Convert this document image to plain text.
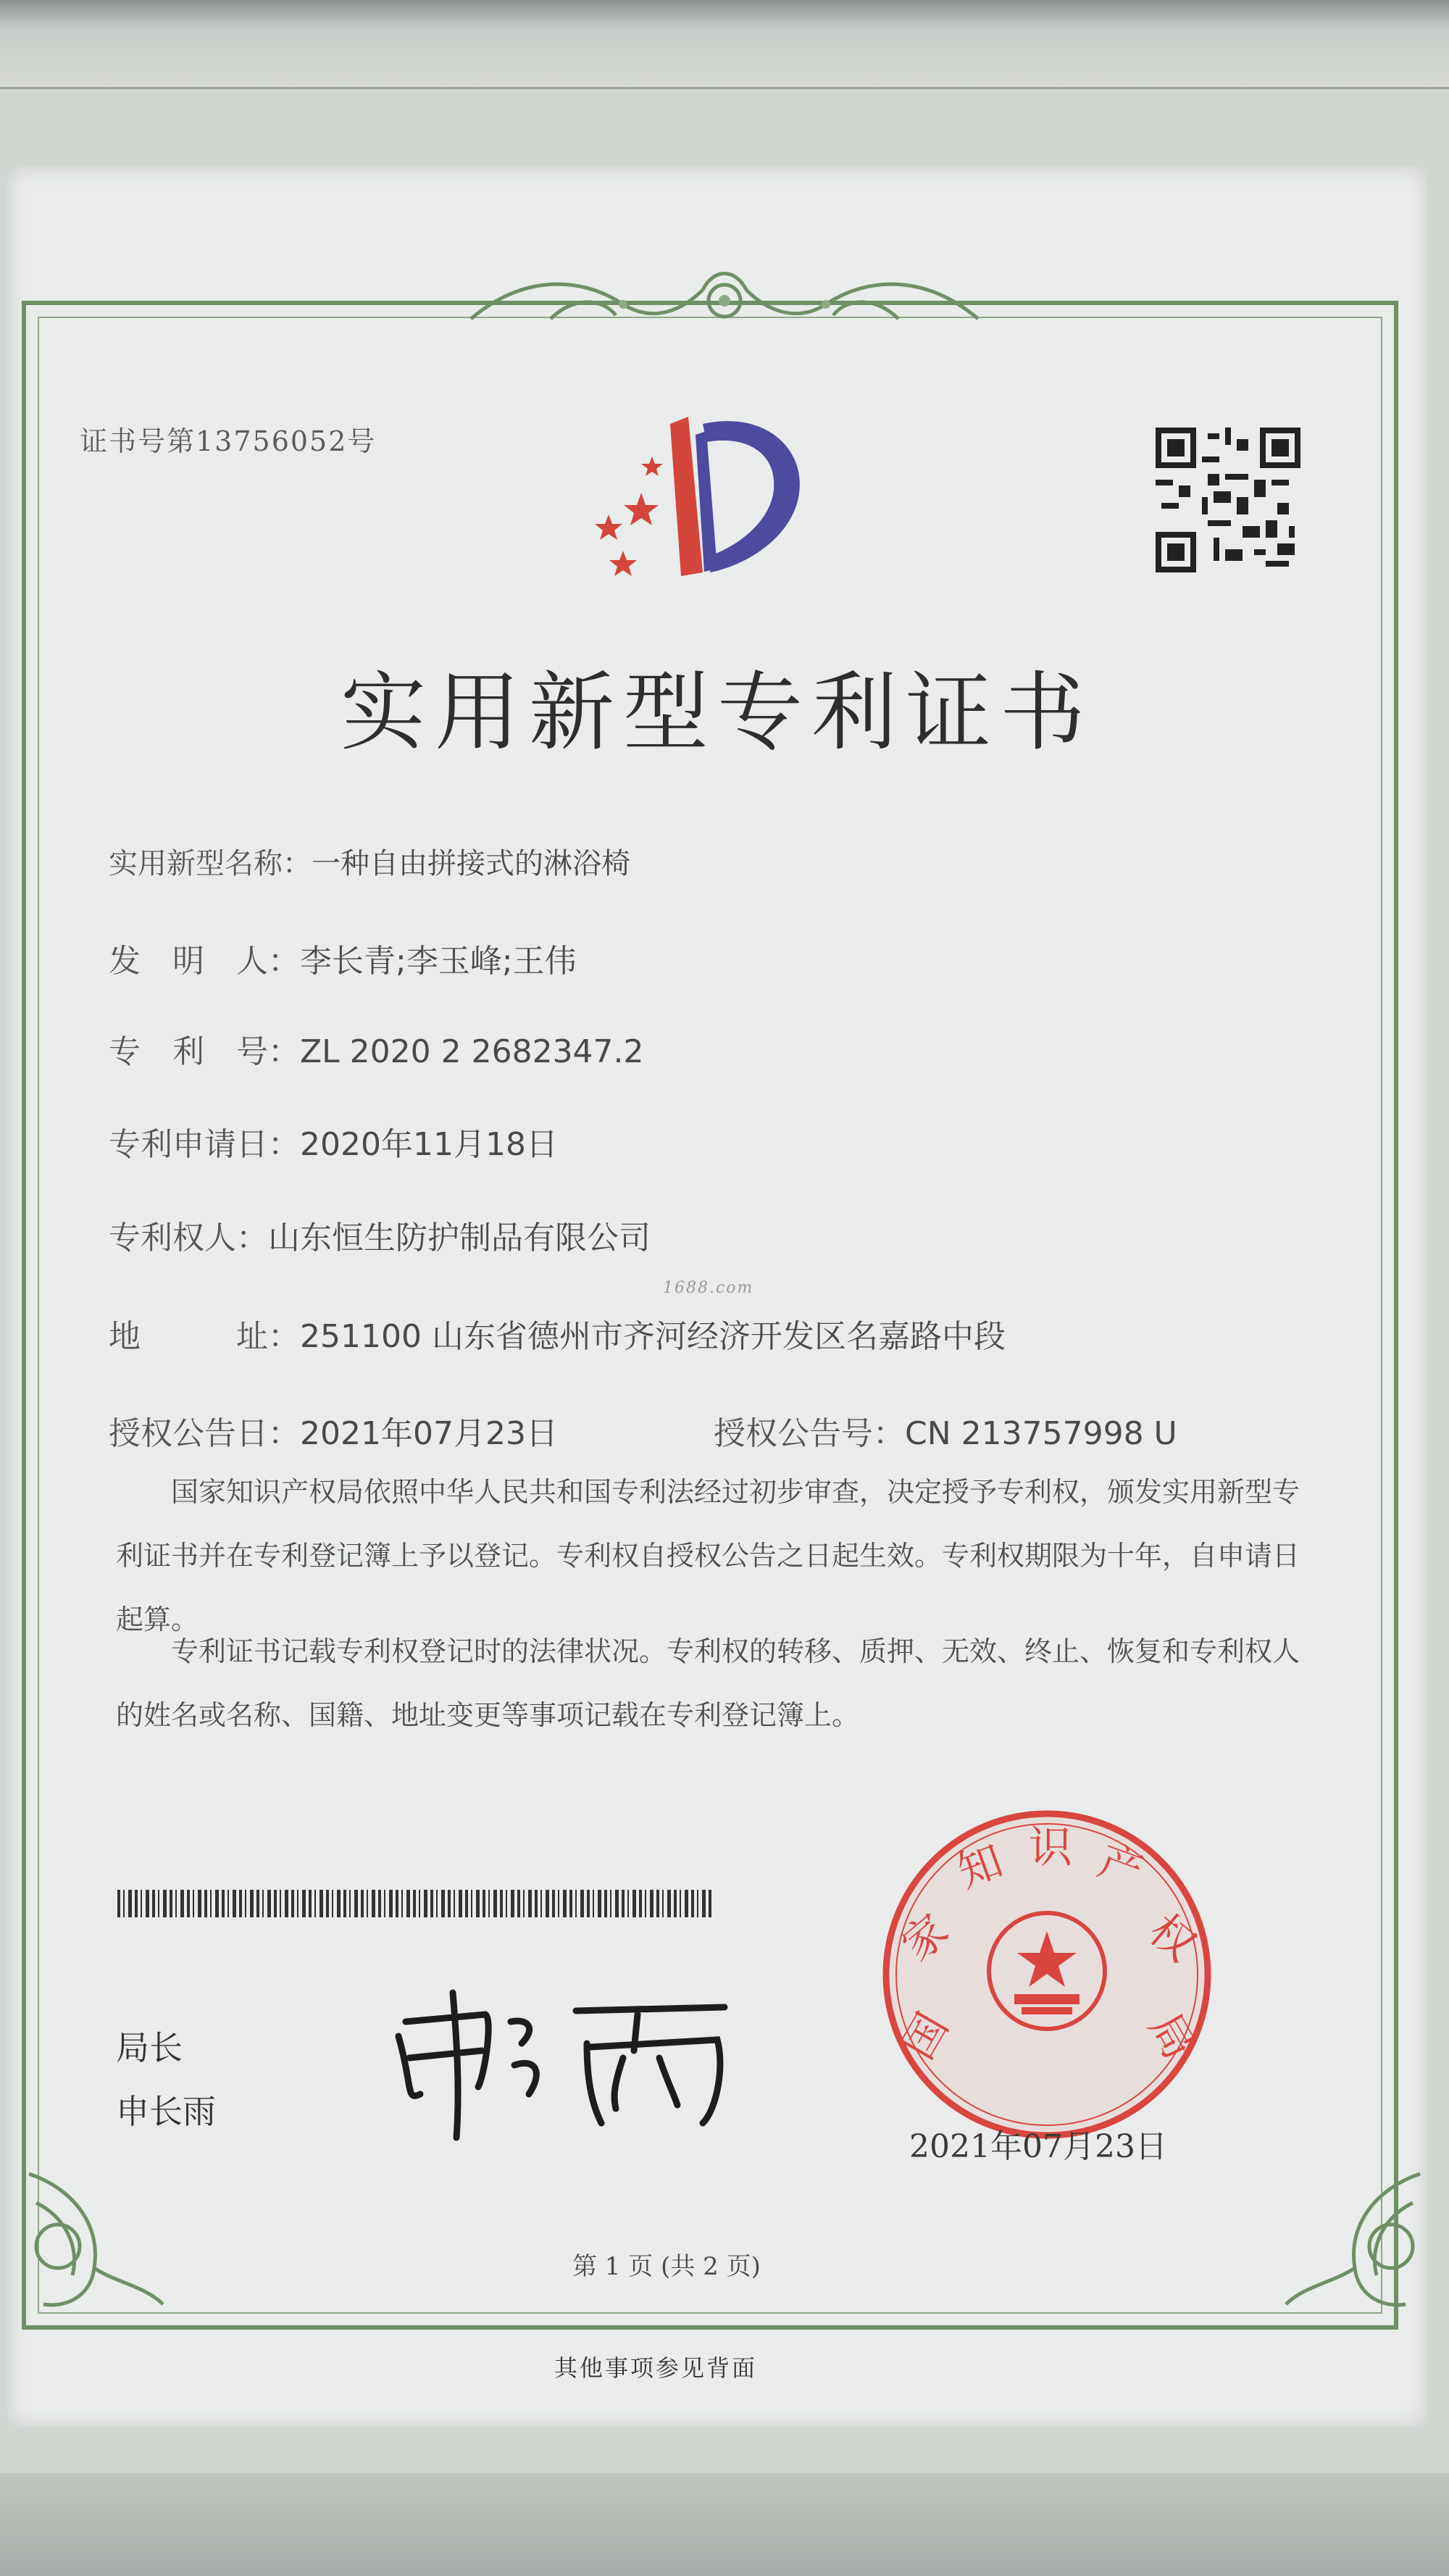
证书号第13756052号

实用新型专利证书

实用新型名称：一种自由拼接式的淋浴椅

发　明　人：李长青;李玉峰;王伟

专　利　号：ZL 2020 2 2682347.2

专利申请日：2020年11月18日

专利权人：山东恒生防护制品有限公司

1688.com

地　　　址：251100 山东省德州市齐河经济开发区名嘉路中段

授权公告日：2021年07月23日	授权公告号：CN 213757998 U

国家知识产权局依照中华人民共和国专利法经过初步审查，决定授予专利权，颁发实用新型专利证书并在专利登记簿上予以登记。专利权自授权公告之日起生效。专利权期限为十年，自申请日起算。

专利证书记载专利权登记时的法律状况。专利权的转移、质押、无效、终止、恢复和专利权人的姓名或名称、国籍、地址变更等事项记载在专利登记簿上。

局长

申长雨

国
家
知 识 产
权
局

2021年07月23日

第 1 页 (共 2 页)

其他事项参见背面
